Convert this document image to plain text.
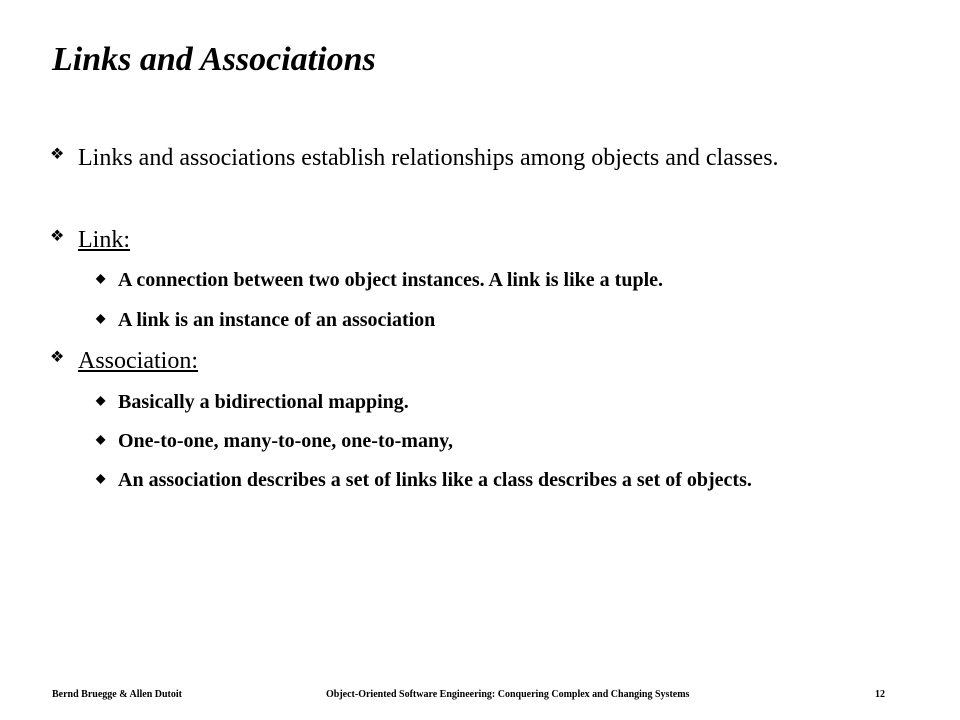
Links and Associations
❖ Links and associations establish relationships among objects and classes.
❖ Link:
◆ A connection between two object instances. A link is like a tuple.
◆ A link is an instance of an association
❖ Association:
◆ Basically a bidirectional mapping.
◆ One-to-one, many-to-one, one-to-many,
◆ An association describes a set of links like a class describes a set of objects.
Bernd Bruegge & Allen Dutoit	Object-Oriented Software Engineering: Conquering Complex and Changing Systems	12
